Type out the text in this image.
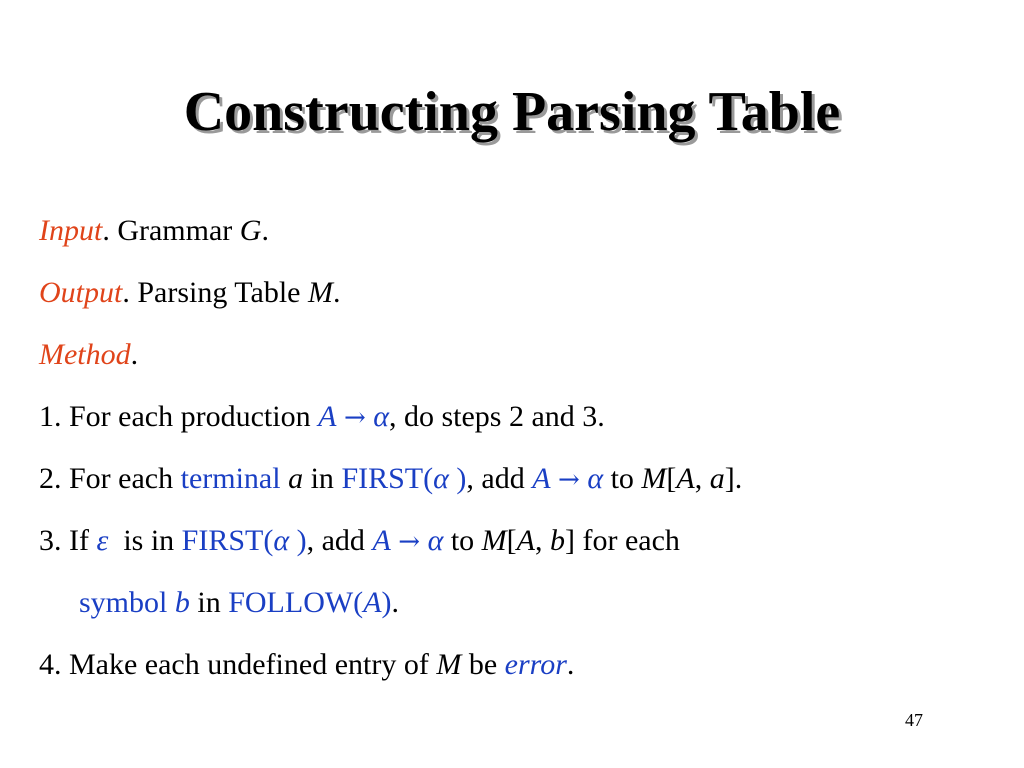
Constructing Parsing Table
Input. Grammar G.
Output. Parsing Table M.
Method.
1. For each production A → α, do steps 2 and 3.
2. For each terminal a in FIRST(α ), add A → α to M[A, a].
3. If ε  is in FIRST(α ), add A → α to M[A, b] for each
symbol b in FOLLOW(A).
4. Make each undefined entry of M be error.
47
